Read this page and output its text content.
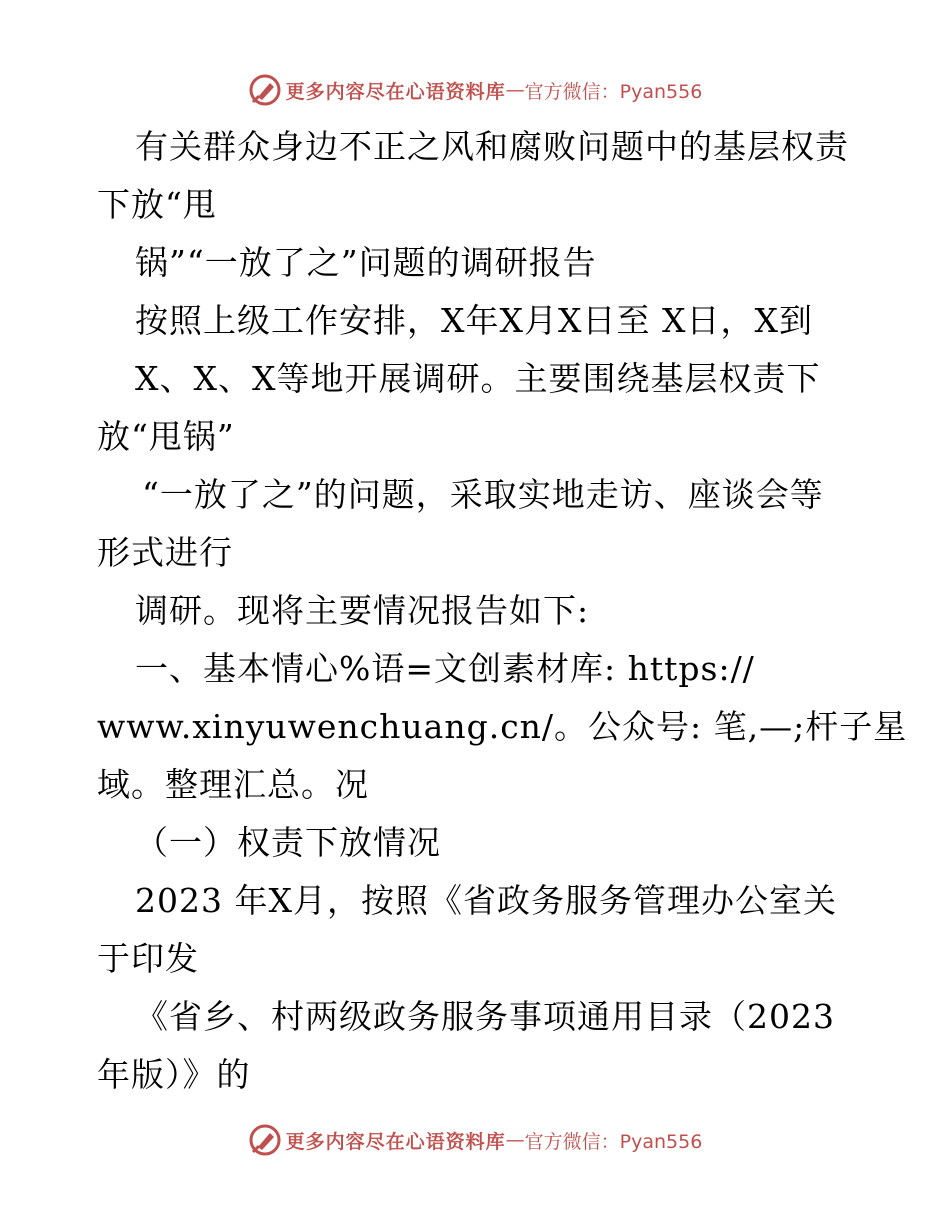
更多内容尽在心语资料库 — 官方微信：Pyan556
有关群众身边不正之风和腐败问题中的基层权责
下放“甩
锅”“一放了之”问题的调研报告
按照上级工作安排，X年X月X日至 X日，X到
X、X、X等地开展调研。主要围绕基层权责下
放“甩锅”
“一放了之”的问题，采取实地走访、座谈会等
形式进行
调研。现将主要情况报告如下:
一、基本情心%语=文创素材库: https://
www.xinyuwenchuang.cn/。公众号: 笔,—;杆子星
域。整理汇总。况
（一）权责下放情况
2023 年X月，按照《省政务服务管理办公室关
于印发
《省乡、村两级政务服务事项通用目录（2023
年版）》的
更多内容尽在心语资料库 — 官方微信：Pyan556
